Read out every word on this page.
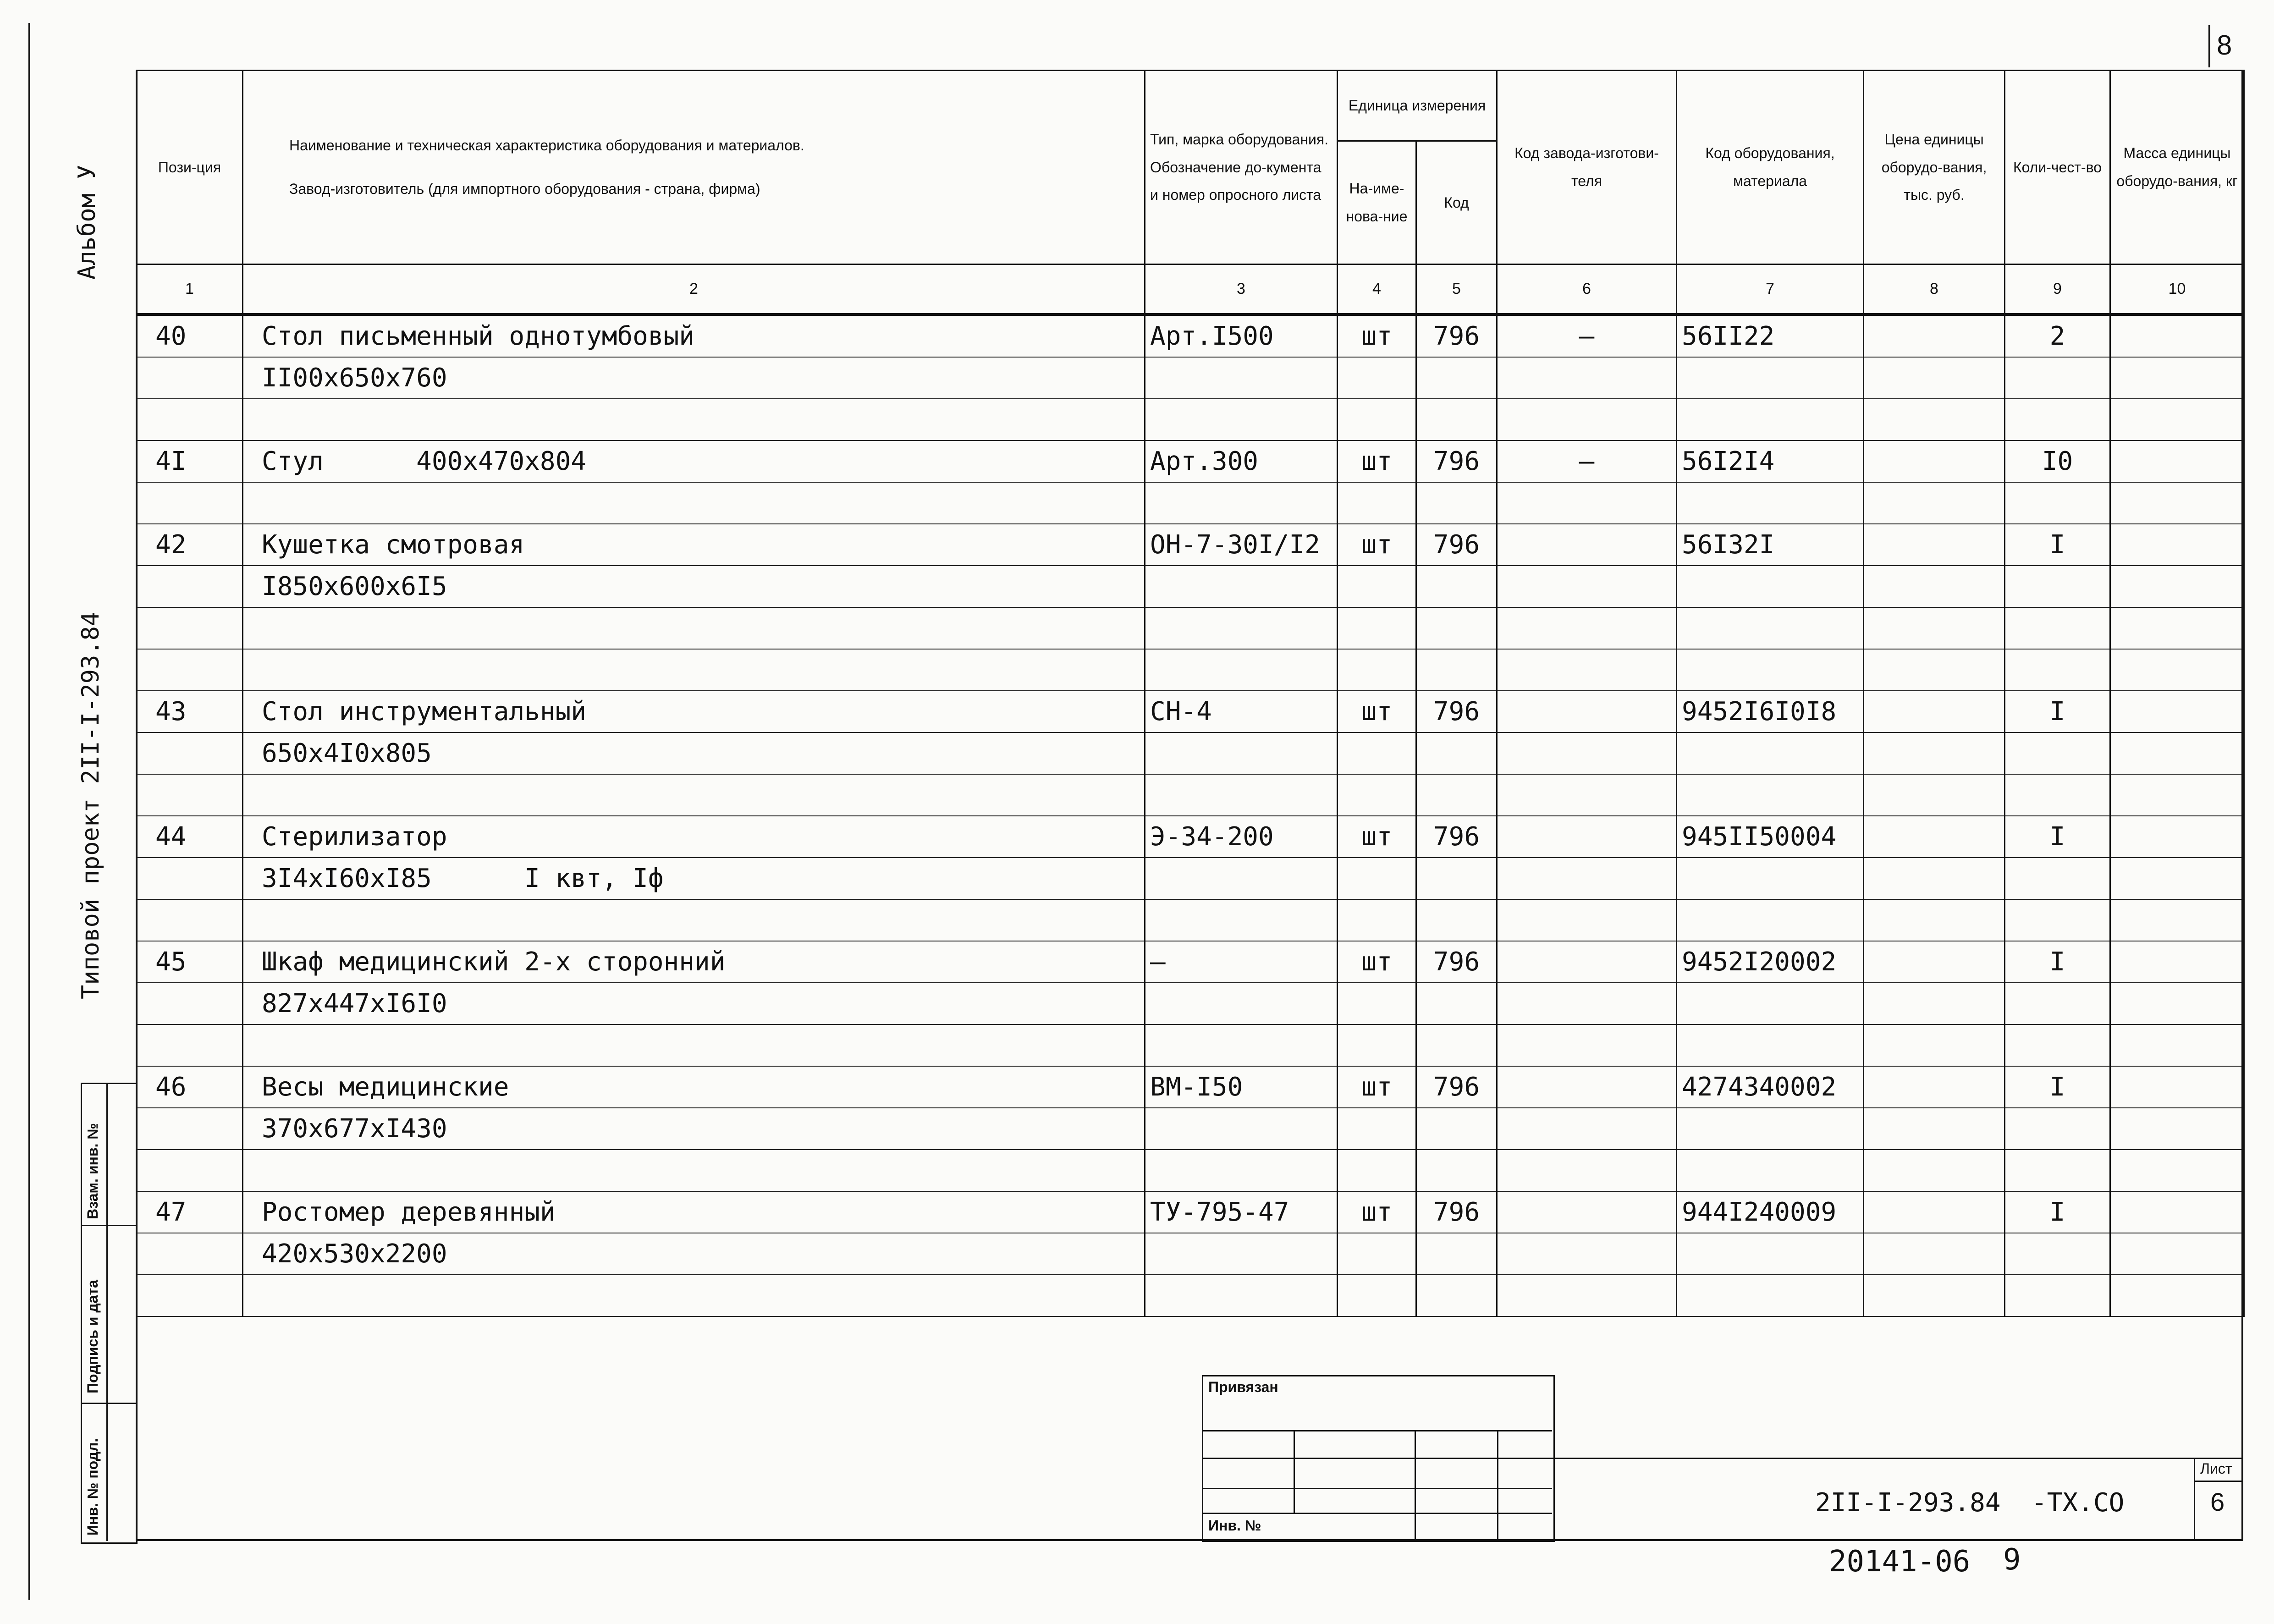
8
Альбом У
Типовой проект 2II-I-293.84
Взам. инв. №
Подпись и дата
Инв. № подл.
Пози-ция	Наименование и техническая характеристика оборудования и материалов.
Завод-изготовитель (для импортного оборудования - страна, фирма)	Тип, марка оборудования. Обозначение до-кумента и номер опросного листа	Единица измерения		Код завода-изготови-теля	Код оборудования, материала	Цена единицы оборудо-вания, тыс. руб.	Коли-чест-во	Масса единицы оборудо-вания, кг
			На-име-нова-ние	Код					
1	2	3	4	5	6	7	8	9	10
40	Стол письменный однотумбовый	Арт.I500	шт	796	–	56II22		2	
	II00х650х760								

4I	Стул      400х470х804	Арт.300	шт	796	–	56I2I4		I0	

42	Кушетка смотровая	ОН-7-30I/I2	шт	796		56I32I		I	
	I850х600х6I5								

43	Стол инструментальный	СН-4	шт	796		9452I6I0I8		I	
	650х4I0х805								

44	Стерилизатор	Э-34-200	шт	796		945II50004		I	
	3I4хI60хI85      I квт, Iф								

45	Шкаф медицинский 2-х сторонний	–	шт	796		9452I20002		I	
	827х447хI6I0								

46	Весы медицинские	ВМ-I50	шт	796		4274340002		I	
	370х677хI430								

47	Ростомер деревянный	ТУ-795-47	шт	796		944I240009		I	
	420х530х2200								

Привязан
Инв. №
Лист
6
2II-I-293.84  -ТХ.СО
20141-06 9
